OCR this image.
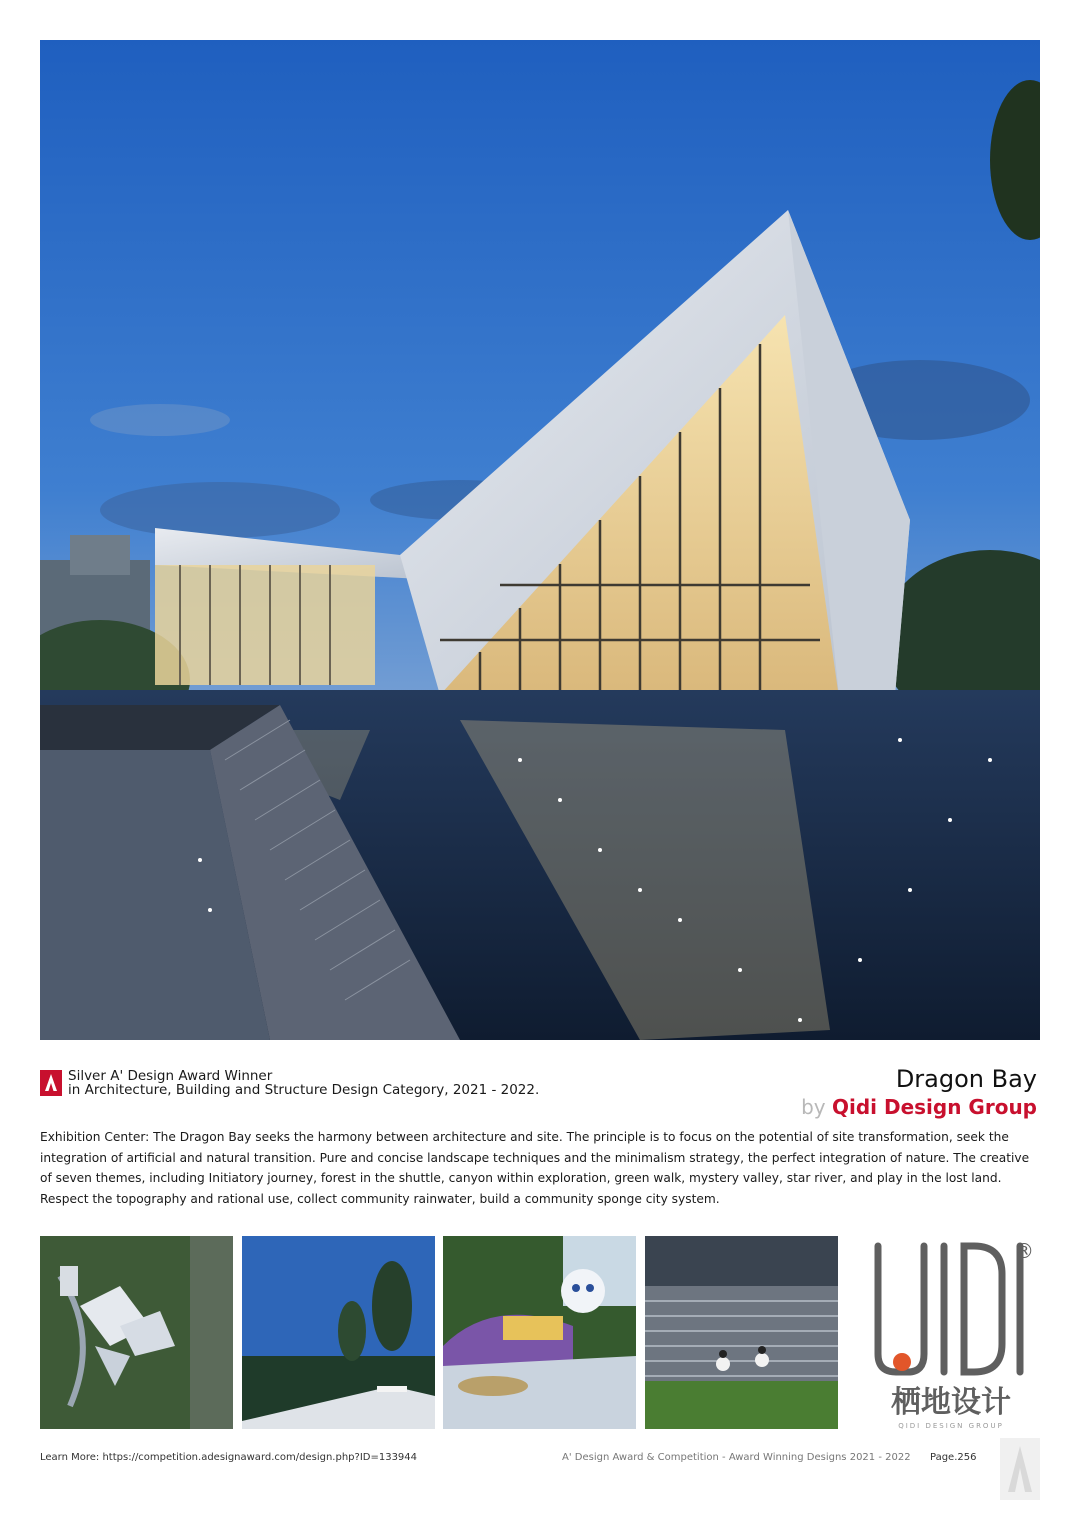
Silver A' Design Award Winner
in Architecture, Building and Structure Design Category, 2021 - 2022.	Dragon Bay
by Qidi Design Group
Exhibition Center: The Dragon Bay seeks the harmony between architecture and site. The principle is to focus on the potential of site transformation, seek the integration of artificial and natural transition. Pure and concise landscape techniques and the minimalism strategy, the perfect integration of nature. The creative of seven themes, including Initiatory journey, forest in the shuttle, canyon within exploration, green walk, mystery valley, star river, and play in the lost land. Respect the topography and rational use, collect community rainwater, build a community sponge city system.
®
栖地设计
QIDI DESIGN GROUP
Learn More: https://competition.adesignaward.com/design.php?ID=133944	A' Design Award & Competition - Award Winning Designs 2021 - 2022 Page.256
